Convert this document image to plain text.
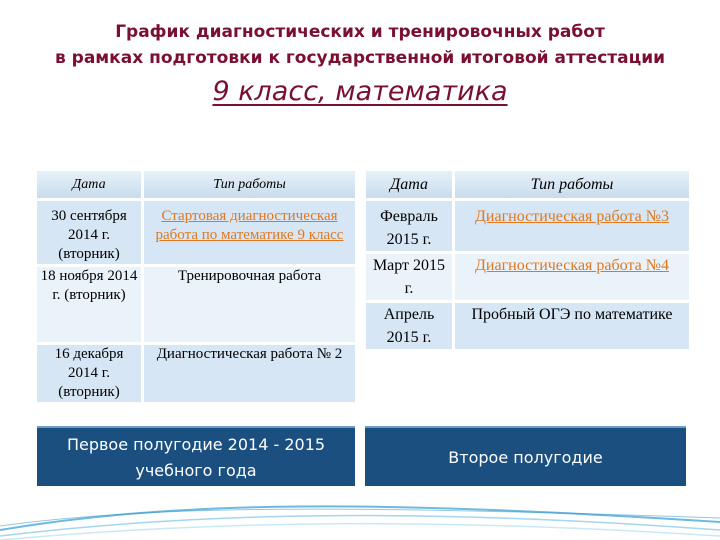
График диагностических и тренировочных работ
в рамках подготовки к государственной итоговой аттестации
9 класс, математика
Дата	Тип работы
30 сентября 2014 г. (вторник)	Стартовая диагностическая работа по математике 9 класс
18 ноября 2014 г. (вторник)	Тренировочная работа
16 декабря 2014 г. (вторник)	Диагностическая работа № 2
Дата	Тип работы
Февраль 2015 г.	Диагностическая работа №3
Март 2015 г.	Диагностическая работа №4
Апрель 2015 г.	Пробный ОГЭ по математике
Первое полугодие 2014 - 2015 учебного года
Второе полугодие
